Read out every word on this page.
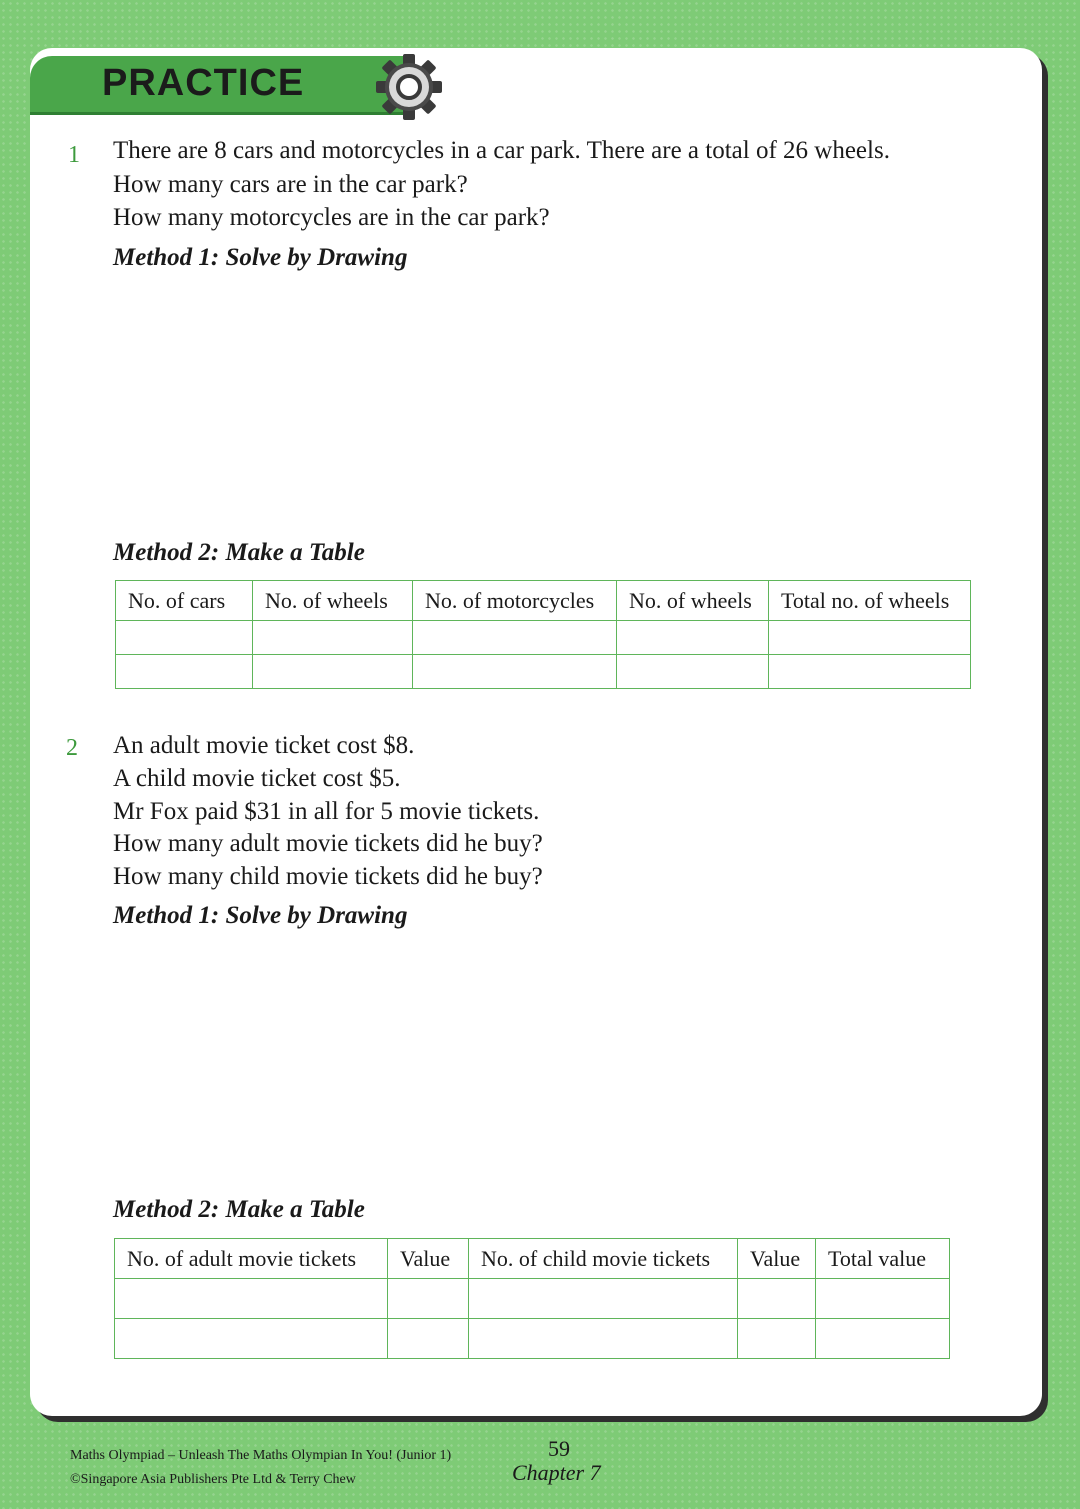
PRACTICE

1 There are 8 cars and motorcycles in a car park. There are a total of 26 wheels.

How many cars are in the car park?

How many motorcycles are in the car park?

Method 1: Solve by Drawing

Method 2: Make a Table

No. of cars	No. of wheels	No. of motorcycles	No. of wheels	Total no. of wheels

2 An adult movie ticket cost $8.

A child movie ticket cost $5.

Mr Fox paid $31 in all for 5 movie tickets.

How many adult movie tickets did he buy?

How many child movie tickets did he buy?

Method 1: Solve by Drawing

Method 2: Make a Table

No. of adult movie tickets	Value	No. of child movie tickets	Value	Total value

Maths Olympiad – Unleash The Maths Olympian In You! (Junior 1)

©Singapore Asia Publishers Pte Ltd & Terry Chew

59

Chapter 7
